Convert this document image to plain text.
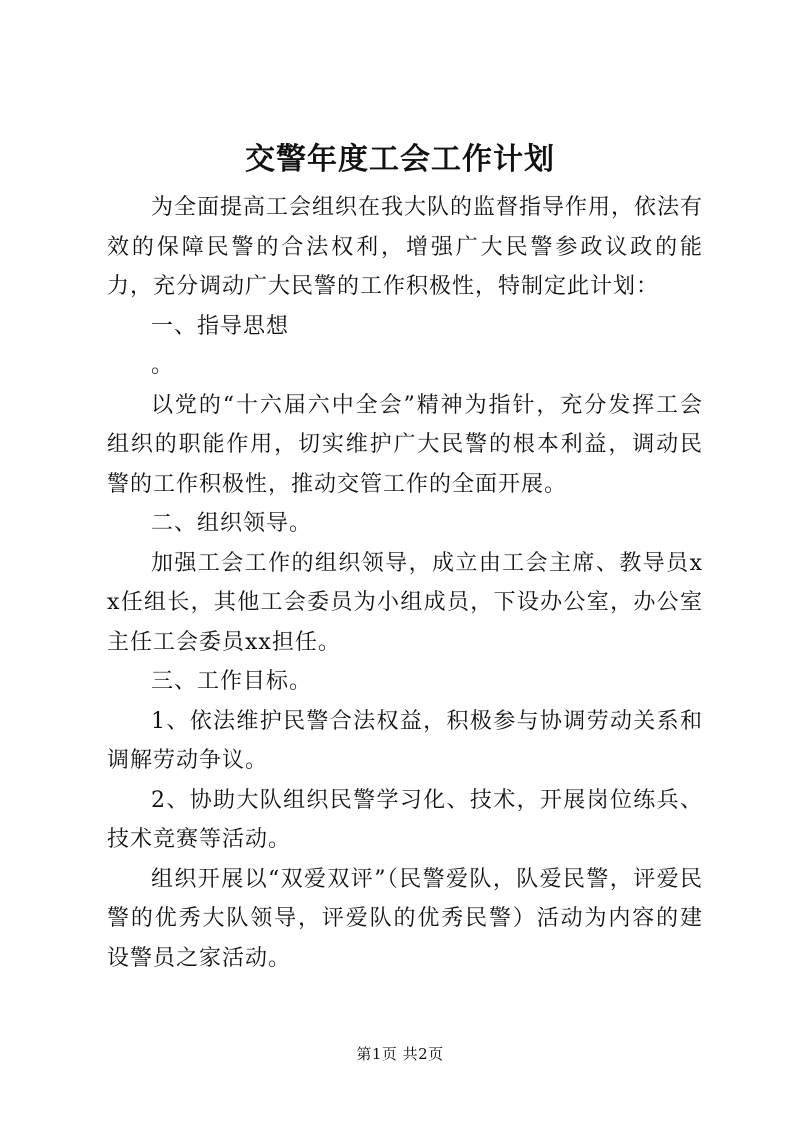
交警年度工会工作计划

为全面提高工会组织在我大队的监督指导作用，依法有效的保障民警的合法权利，增强广大民警参政议政的能力，充分调动广大民警的工作积极性，特制定此计划：

一、指导思想

。

以党的“十六届六中全会”精神为指针，充分发挥工会组织的职能作用，切实维护广大民警的根本利益，调动民警的工作积极性，推动交管工作的全面开展。

二、组织领导。

加强工会工作的组织领导，成立由工会主席、教导员xx任组长，其他工会委员为小组成员，下设办公室，办公室主任工会委员xx担任。

三、工作目标。

1、依法维护民警合法权益，积极参与协调劳动关系和调解劳动争议。

2、协助大队组织民警学习化、技术，开展岗位练兵、技术竞赛等活动。

组织开展以“双爱双评”（民警爱队，队爱民警，评爱民警的优秀大队领导，评爱队的优秀民警）活动为内容的建设警员之家活动。

第1页 共2页
